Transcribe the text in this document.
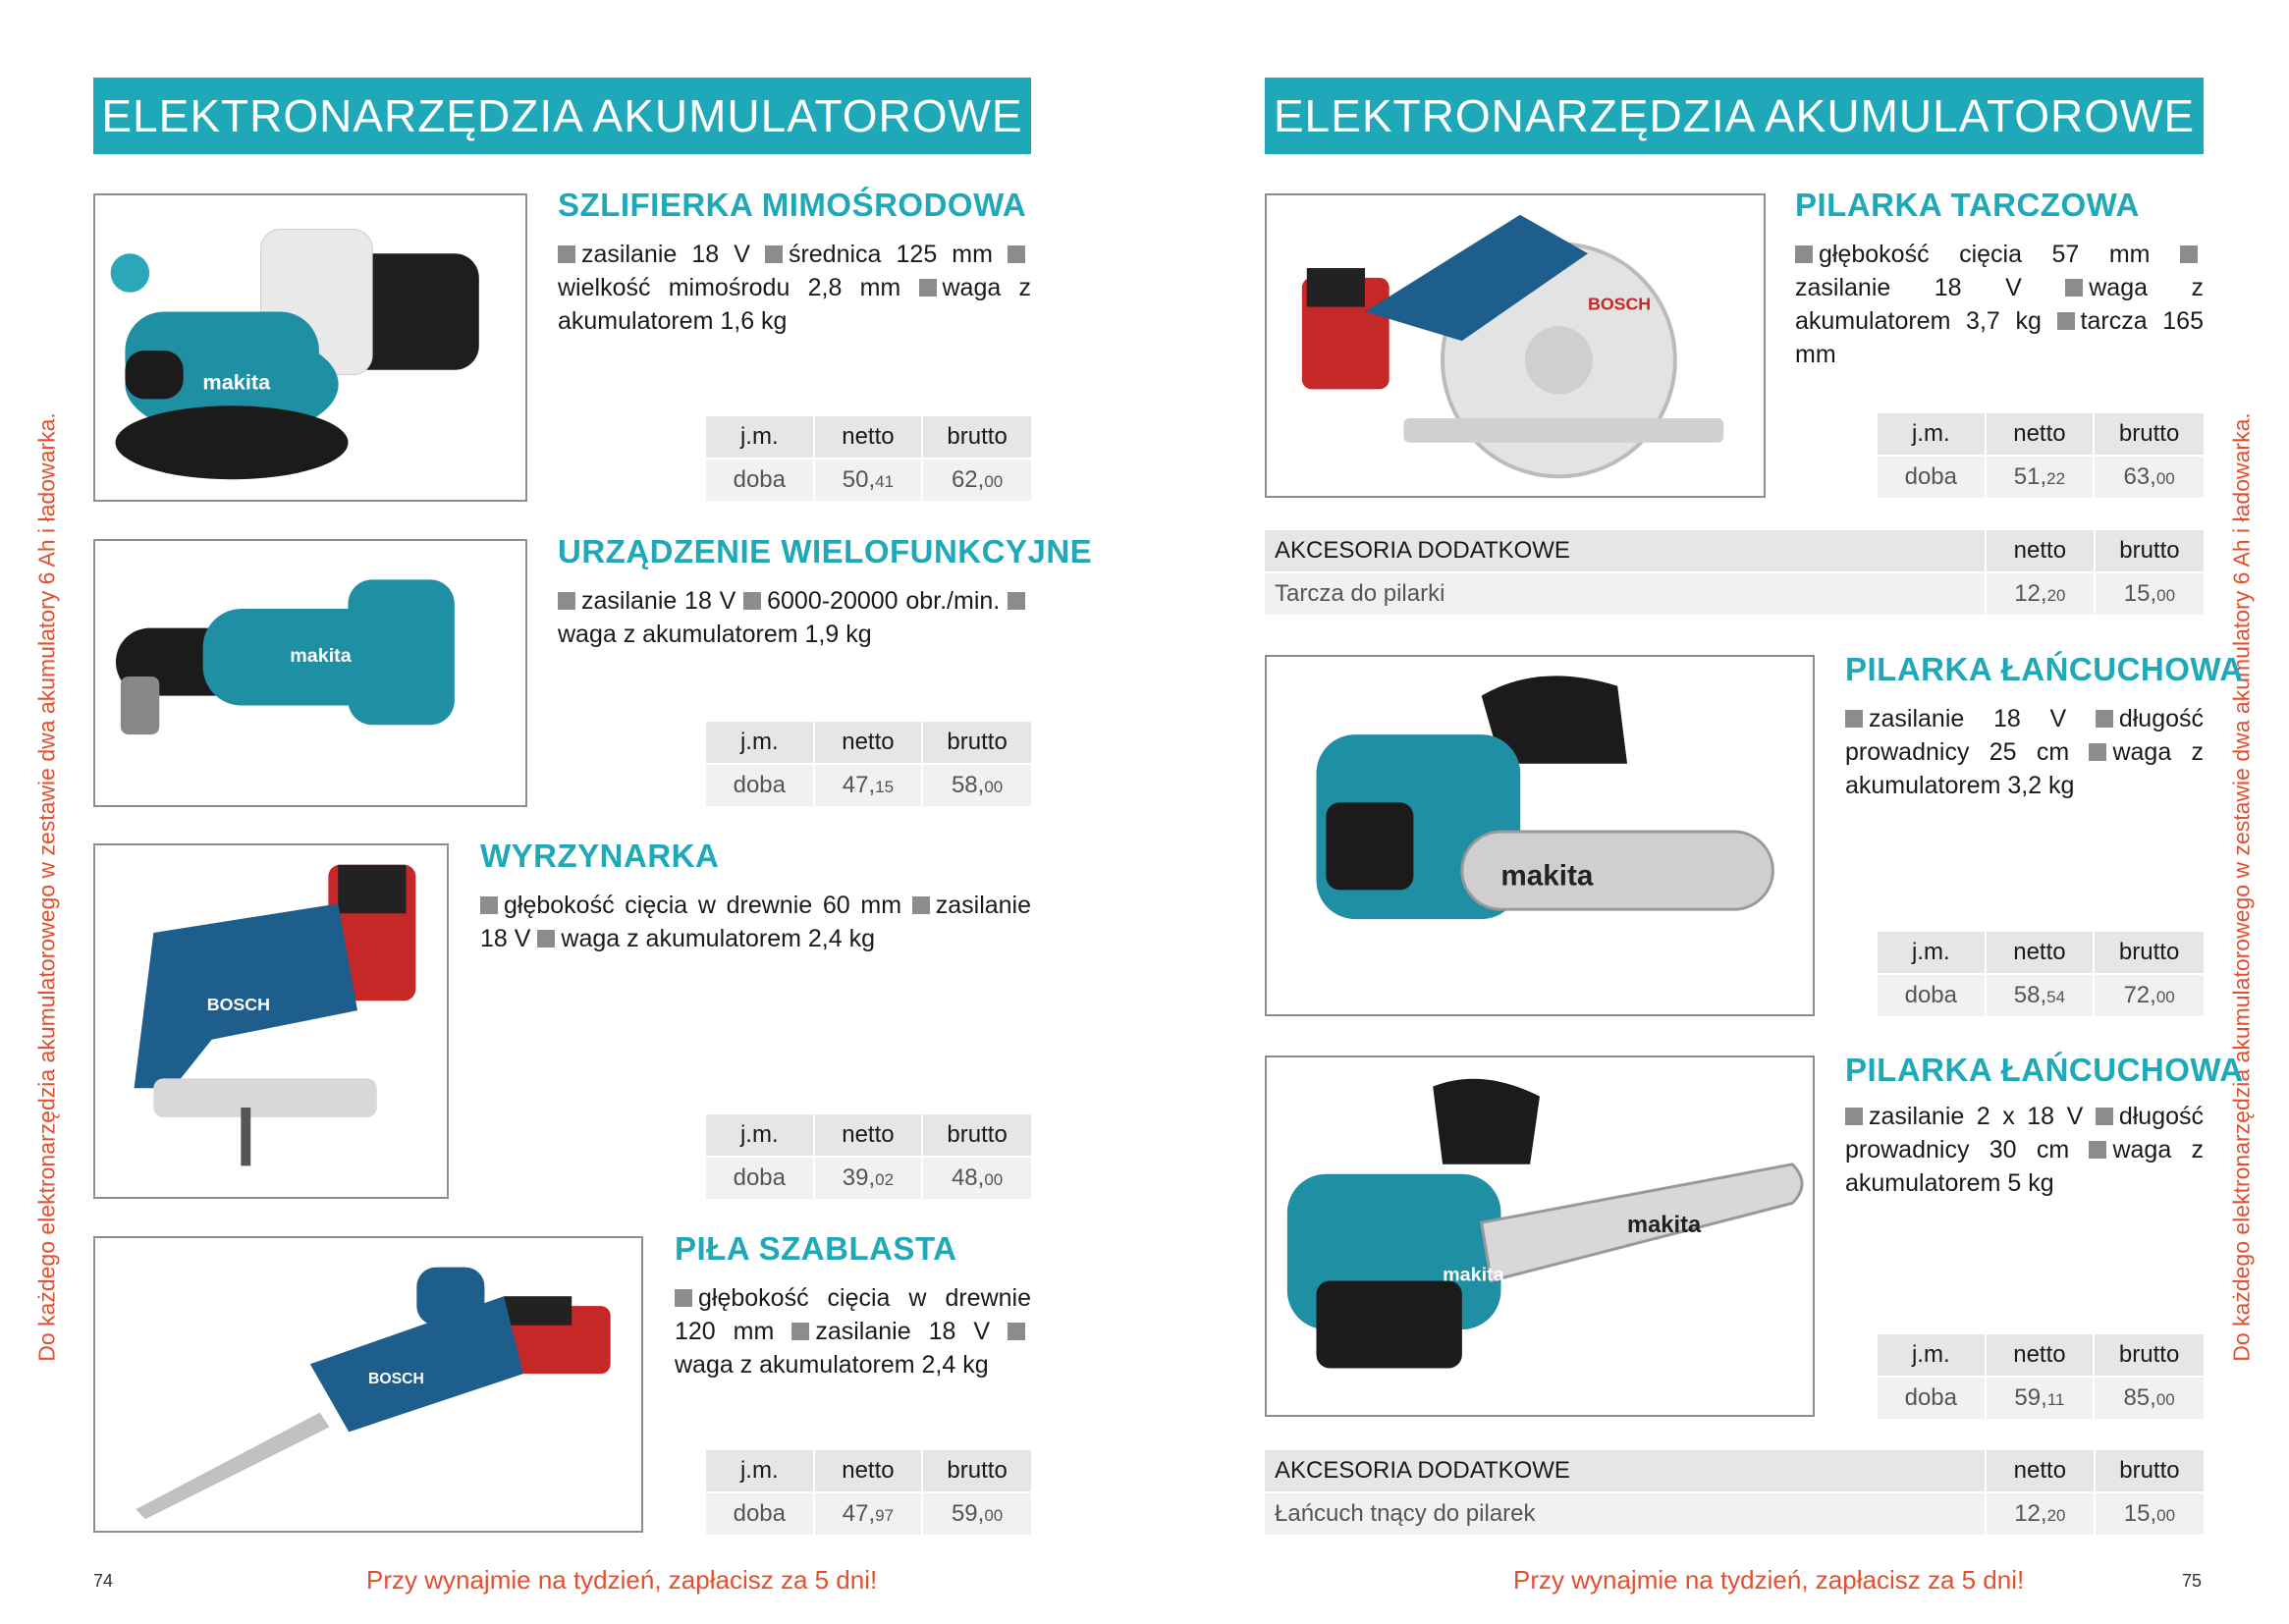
ELEKTRONARZĘDZIA AKUMULATOROWE	ELEKTRONARZĘDZIA AKUMULATOROWE
Do każdego elektronarzędzia akumulatorowego w zestawie dwa akumulatory 6 Ah i ładowarka.	Do każdego elektronarzędzia akumulatorowego w zestawie dwa akumulatory 6 Ah i ładowarka.
makita
SZLIFIERKA MIMOŚRODOWA
zasilanie 18 V średnica 125 mm wielkość mimośrodu 2,8 mm waga z akumulatorem 1,6 kg
j.m.	netto	brutto
doba	50,41	62,00
makita
URZĄDZENIE WIELOFUNKCYJNE
zasilanie 18 V 6000-20000 obr./min. waga z akumulatorem 1,9 kg
j.m.	netto	brutto
doba	47,15	58,00
BOSCH
WYRZYNARKA
głębokość cięcia w drewnie 60 mm zasilanie 18 V waga z akumulatorem 2,4 kg
j.m.	netto	brutto
doba	39,02	48,00
BOSCH
PIŁA SZABLASTA
głębokość cięcia w drewnie 120 mm zasilanie 18 V waga z akumulatorem 2,4 kg
j.m.	netto	brutto
doba	47,97	59,00
BOSCH
PILARKA TARCZOWA
głębokość cięcia 57 mm zasilanie 18 V	waga z akumulatorem 3,7 kg tarcza 165 mm
j.m.	netto	brutto
doba	51,22	63,00
AKCESORIA DODATKOWE	netto	brutto
Tarcza do pilarki	12,20	15,00
makita
PILARKA ŁAŃCUCHOWA
zasilanie 18 V długość prowadnicy 25 cm waga z akumulatorem 3,2 kg
j.m.	netto	brutto
doba	58,54	72,00
makita
makita
PILARKA ŁAŃCUCHOWA
zasilanie 2 x 18 V długość prowadnicy 30 cm waga z akumulatorem 5 kg
j.m.	netto	brutto
doba	59,11	85,00
AKCESORIA DODATKOWE	netto	brutto
Łańcuch tnący do pilarek	12,20	15,00
74	Przy wynajmie na tydzień, zapłacisz za 5 dni!	Przy wynajmie na tydzień, zapłacisz za 5 dni!	75
